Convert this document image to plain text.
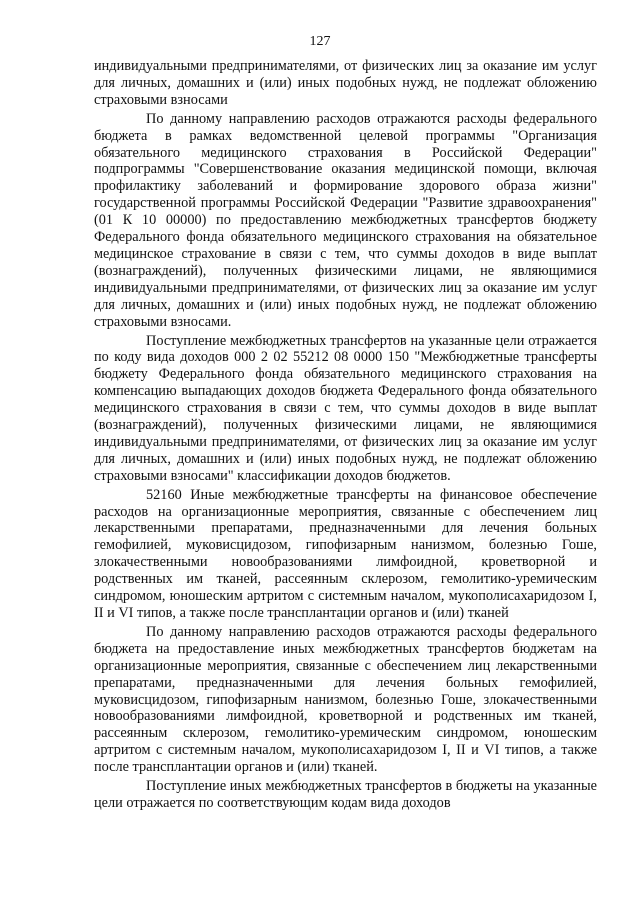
127

индивидуальными предпринимателями, от физических лиц за оказание им услуг для личных, домашних и (или) иных подобных нужд, не подлежат обложению страховыми взносами

По данному направлению расходов отражаются расходы федерального бюджета в рамках ведомственной целевой программы "Организация обязательного медицинского страхования в Российской Федерации" подпрограммы "Совершенствование оказания медицинской помощи, включая профилактику заболеваний и формирование здорового образа жизни" государственной программы Российской Федерации "Развитие здравоохранения" (01 К 10 00000) по предоставлению межбюджетных трансфертов бюджету Федерального фонда обязательного медицинского страхования на обязательное медицинское страхование в связи с тем, что суммы доходов в виде выплат (вознаграждений), полученных физическими лицами, не являющимися индивидуальными предпринимателями, от физических лиц за оказание им услуг для личных, домашних и (или) иных подобных нужд, не подлежат обложению страховыми взносами.

Поступление межбюджетных трансфертов на указанные цели отражается по коду вида доходов 000 2 02 55212 08 0000 150 "Межбюджетные трансферты бюджету Федерального фонда обязательного медицинского страхования на компенсацию выпадающих доходов бюджета Федерального фонда обязательного медицинского страхования в связи с тем, что суммы доходов в виде выплат (вознаграждений), полученных физическими лицами, не являющимися индивидуальными предпринимателями, от физических лиц за оказание им услуг для личных, домашних и (или) иных подобных нужд, не подлежат обложению страховыми взносами" классификации доходов бюджетов.

52160 Иные межбюджетные трансферты на финансовое обеспечение расходов на организационные мероприятия, связанные с обеспечением лиц лекарственными препаратами, предназначенными для лечения больных гемофилией, муковисцидозом, гипофизарным нанизмом, болезнью Гоше, злокачественными новообразованиями лимфоидной, кроветворной и родственных им тканей, рассеянным склерозом, гемолитико-уремическим синдромом, юношеским артритом с системным началом, мукополисахаридозом I, II и VI типов, а также после трансплантации органов и (или) тканей

По данному направлению расходов отражаются расходы федерального бюджета на предоставление иных межбюджетных трансфертов бюджетам на организационные мероприятия, связанные с обеспечением лиц лекарственными препаратами, предназначенными для лечения больных гемофилией, муковисцидозом, гипофизарным нанизмом, болезнью Гоше, злокачественными новообразованиями лимфоидной, кроветворной и родственных им тканей, рассеянным склерозом, гемолитико-уремическим синдромом, юношеским артритом с системным началом, мукополисахаридозом I, II и VI типов, а также после трансплантации органов и (или) тканей.

Поступление иных межбюджетных трансфертов в бюджеты на указанные цели отражается по соответствующим кодам вида доходов
